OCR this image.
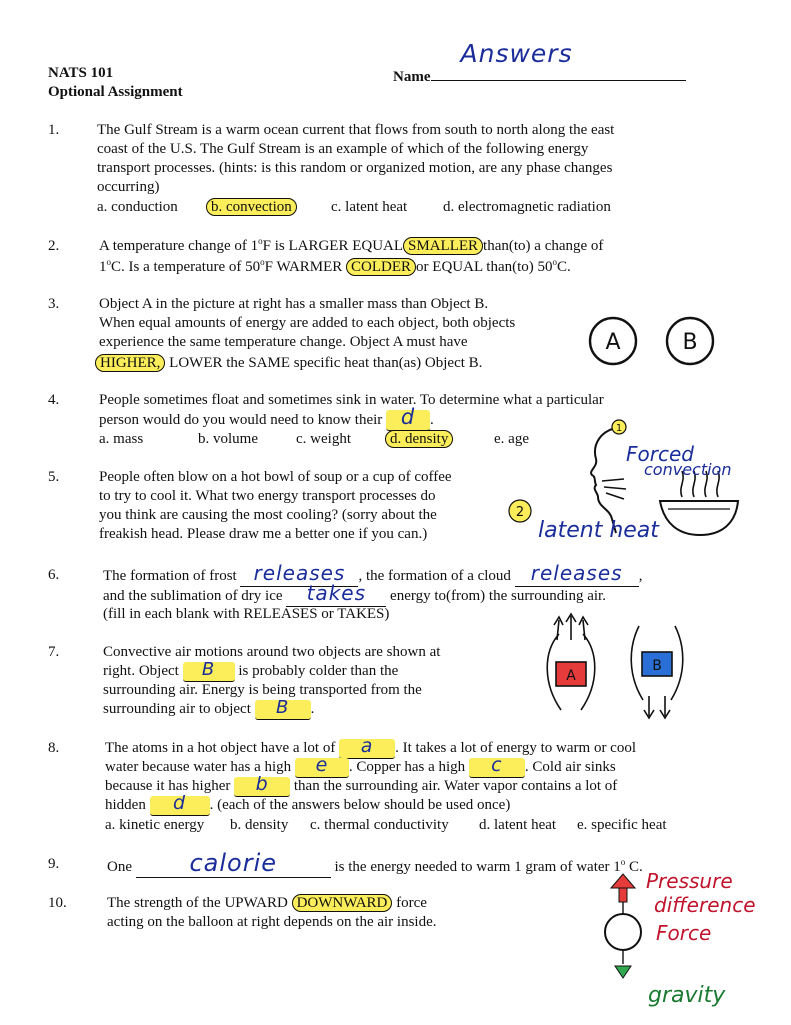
NATS 101
Optional Assignment
Name
Answers
1.	The Gulf Stream is a warm ocean current that flows from south to north along the east
coast of the U.S. The Gulf Stream is an example of which of the following energy
transport processes. (hints: is this random or organized motion, are any phase changes
occurring)
a. conduction	b. convection	c. latent heat d. electromagnetic radiation
2.	A temperature change of 1$^o$F is LARGER EQUAL SMALLER than(to) a change of
1$^o$C. Is a temperature of 50$^o$F WARMER COLDER or EQUAL than(to) 50$^o$C.
3.	Object A in the picture at right has a smaller mass than Object B.
When equal amounts of energy are added to each object, both objects
experience the same temperature change. Object A must have
HIGHER, LOWER the SAME specific heat than(as) Object B.
A	B
4.	People sometimes float and sometimes sink in water. To determine what a particular
person would do you would need to know their d .
a. mass	b. volume	c. weight	d. density	e. age
5.	People often blow on a hot bowl of soup or a cup of coffee
to try to cool it. What two energy transport processes do
you think are causing the most cooling? (sorry about the
freakish head. Please draw me a better one if you can.)
1
Forced
convection
2
latent heat
6.	The formation of frost releases , the formation of a cloud releases ,
and the sublimation of dry ice takes energy to(from) the surrounding air.
(fill in each blank with RELEASES or TAKES)
7.	Convective air motions around two objects are shown at
right. Object B is probably colder than the
surrounding air. Energy is being transported from the
surrounding air to object B .
A
B
8.	The atoms in a hot object have a lot of a . It takes a lot of energy to warm or cool
water because water has a high e . Copper has a high c . Cold air sinks
because it has higher b than the surrounding air. Water vapor contains a lot of
hidden d . (each of the answers below should be used once)
a. kinetic energy b. density c. thermal conductivity d. latent heat e. specific heat
9.	One calorie	is the energy needed to warm 1 gram of water 1$^o$ C.
10.	The strength of the UPWARD DOWNWARD force
acting on the balloon at right depends on the air inside.
Pressure
difference
Force
gravity
